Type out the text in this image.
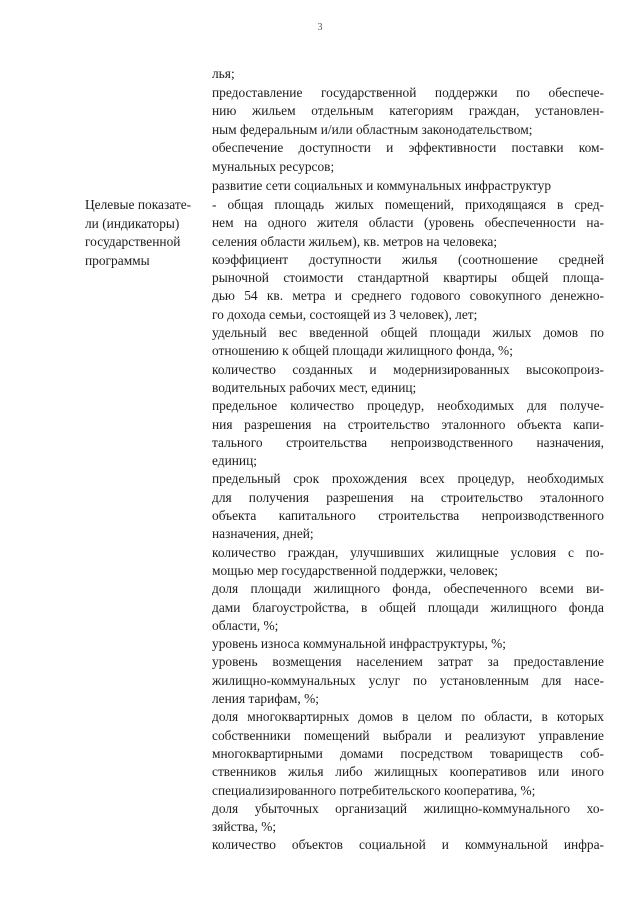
3
лья;
предоставление государственной поддержки по обеспече-
нию жильем отдельным категориям граждан, установлен-
ным федеральным и/или областным законодательством;
обеспечение доступности и эффективности поставки ком-
мунальных ресурсов;
развитие сети социальных и коммунальных инфраструктур
Целевые показате-
ли (индикаторы)
государственной
программы
- общая площадь жилых помещений, приходящаяся в сред-
нем на одного жителя области (уровень обеспеченности на-
селения области жильем), кв. метров на человека;
коэффициент доступности жилья (соотношение средней
рыночной стоимости стандартной квартиры общей площа-
дью 54 кв. метра и среднего годового совокупного денежно-
го дохода семьи, состоящей из 3 человек), лет;
удельный вес введенной общей площади жилых домов по
отношению к общей площади жилищного фонда, %;
количество созданных и модернизированных высокопроиз-
водительных рабочих мест, единиц;
предельное количество процедур, необходимых для получе-
ния разрешения на строительство эталонного объекта капи-
тального строительства непроизводственного назначения,
единиц;
предельный срок прохождения всех процедур, необходимых
для получения разрешения на строительство эталонного
объекта капитального строительства непроизводственного
назначения, дней;
количество граждан, улучшивших жилищные условия с по-
мощью мер государственной поддержки, человек;
доля площади жилищного фонда, обеспеченного всеми ви-
дами благоустройства, в общей площади жилищного фонда
области, %;
уровень износа коммунальной инфраструктуры, %;
уровень возмещения населением затрат за предоставление
жилищно-коммунальных услуг по установленным для насе-
ления тарифам, %;
доля многоквартирных домов в целом по области, в которых
собственники помещений выбрали и реализуют управление
многоквартирными домами посредством товариществ соб-
ственников жилья либо жилищных кооперативов или иного
специализированного потребительского кооператива, %;
доля убыточных организаций жилищно-коммунального хо-
зяйства, %;
количество объектов социальной и коммунальной инфра-
